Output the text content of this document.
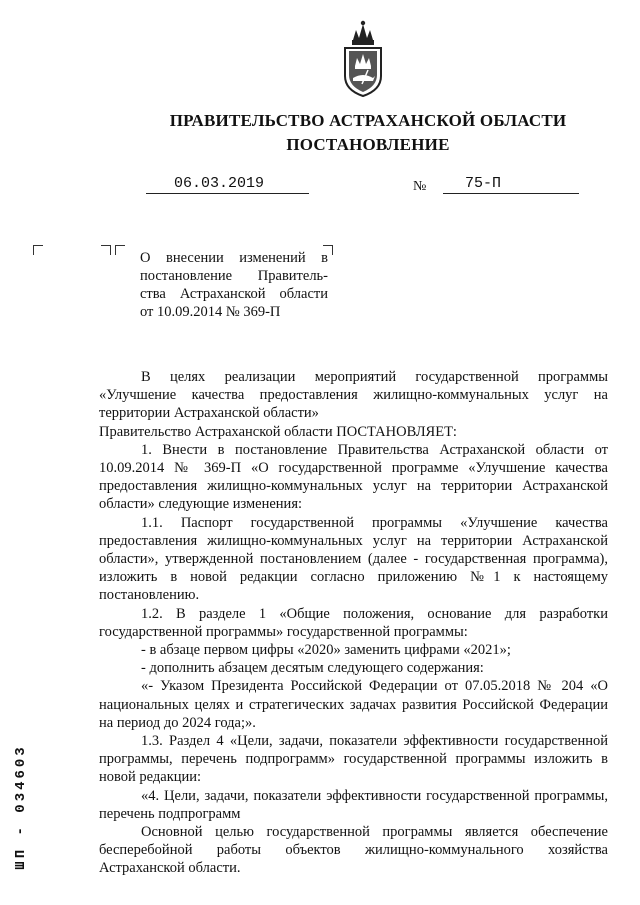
ПРАВИТЕЛЬСТВО АСТРАХАНСКОЙ ОБЛАСТИ
ПОСТАНОВЛЕНИЕ
06.03.2019	№	75-П
О внесении изменений в
постановление Правитель-
ства Астраханской области
от 10.09.2014 № 369-П

В целях реализации мероприятий государственной программы «Улучшение качества предоставления жилищно-коммунальных услуг на территории Астраханской области»

Правительство Астраханской области ПОСТАНОВЛЯЕТ:

1. Внести в постановление Правительства Астраханской области от 10.09.2014 № 369-П «О государственной программе «Улучшение качества предоставления жилищно-коммунальных услуг на территории Астраханской области» следующие изменения:

1.1. Паспорт государственной программы «Улучшение качества предоставления жилищно-коммунальных услуг на территории Астраханской области», утвержденной постановлением (далее - государственная программа), изложить в новой редакции согласно приложению №1 к настоящему постановлению.

1.2. В разделе 1 «Общие положения, основание для разработки государственной программы» государственной программы:

- в абзаце первом цифры «2020» заменить цифрами «2021»;

- дополнить абзацем десятым следующего содержания:

«- Указом Президента Российской Федерации от 07.05.2018 № 204 «О национальных целях и стратегических задачах развития Российской Федерации на период до 2024 года;».

1.3. Раздел 4 «Цели, задачи, показатели эффективности государственной программы, перечень подпрограмм» государственной программы изложить в новой редакции:

«4. Цели, задачи, показатели эффективности государственной программы, перечень подпрограмм

Основной целью государственной программы является обеспечение бесперебойной работы объектов жилищно-коммунального хозяйства Астраханской области.

ШП - 034603
